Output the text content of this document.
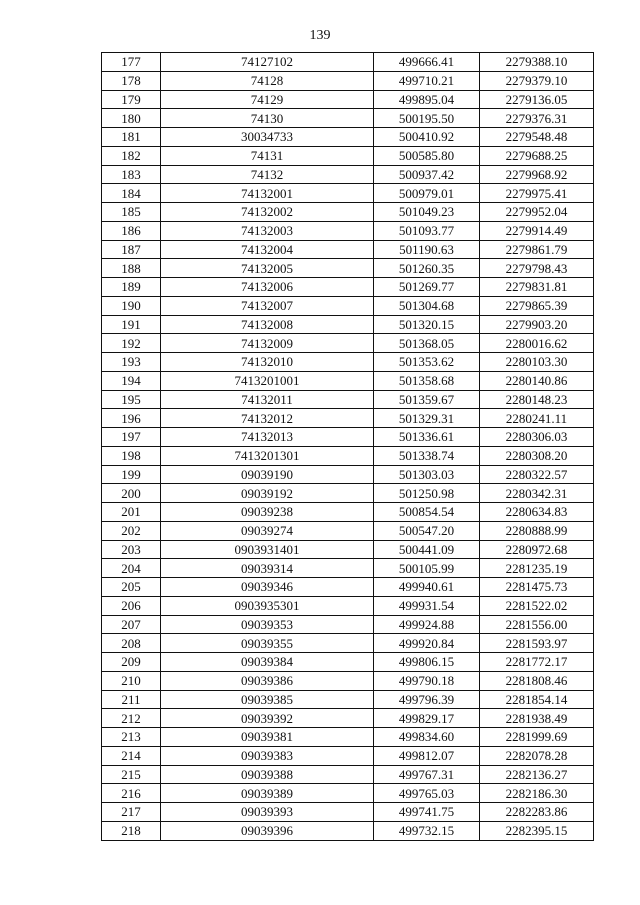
139
177	74127102	499666.41	2279388.10
178	74128	499710.21	2279379.10
179	74129	499895.04	2279136.05
180	74130	500195.50	2279376.31
181	30034733	500410.92	2279548.48
182	74131	500585.80	2279688.25
183	74132	500937.42	2279968.92
184	74132001	500979.01	2279975.41
185	74132002	501049.23	2279952.04
186	74132003	501093.77	2279914.49
187	74132004	501190.63	2279861.79
188	74132005	501260.35	2279798.43
189	74132006	501269.77	2279831.81
190	74132007	501304.68	2279865.39
191	74132008	501320.15	2279903.20
192	74132009	501368.05	2280016.62
193	74132010	501353.62	2280103.30
194	7413201001	501358.68	2280140.86
195	74132011	501359.67	2280148.23
196	74132012	501329.31	2280241.11
197	74132013	501336.61	2280306.03
198	7413201301	501338.74	2280308.20
199	09039190	501303.03	2280322.57
200	09039192	501250.98	2280342.31
201	09039238	500854.54	2280634.83
202	09039274	500547.20	2280888.99
203	0903931401	500441.09	2280972.68
204	09039314	500105.99	2281235.19
205	09039346	499940.61	2281475.73
206	0903935301	499931.54	2281522.02
207	09039353	499924.88	2281556.00
208	09039355	499920.84	2281593.97
209	09039384	499806.15	2281772.17
210	09039386	499790.18	2281808.46
211	09039385	499796.39	2281854.14
212	09039392	499829.17	2281938.49
213	09039381	499834.60	2281999.69
214	09039383	499812.07	2282078.28
215	09039388	499767.31	2282136.27
216	09039389	499765.03	2282186.30
217	09039393	499741.75	2282283.86
218	09039396	499732.15	2282395.15
